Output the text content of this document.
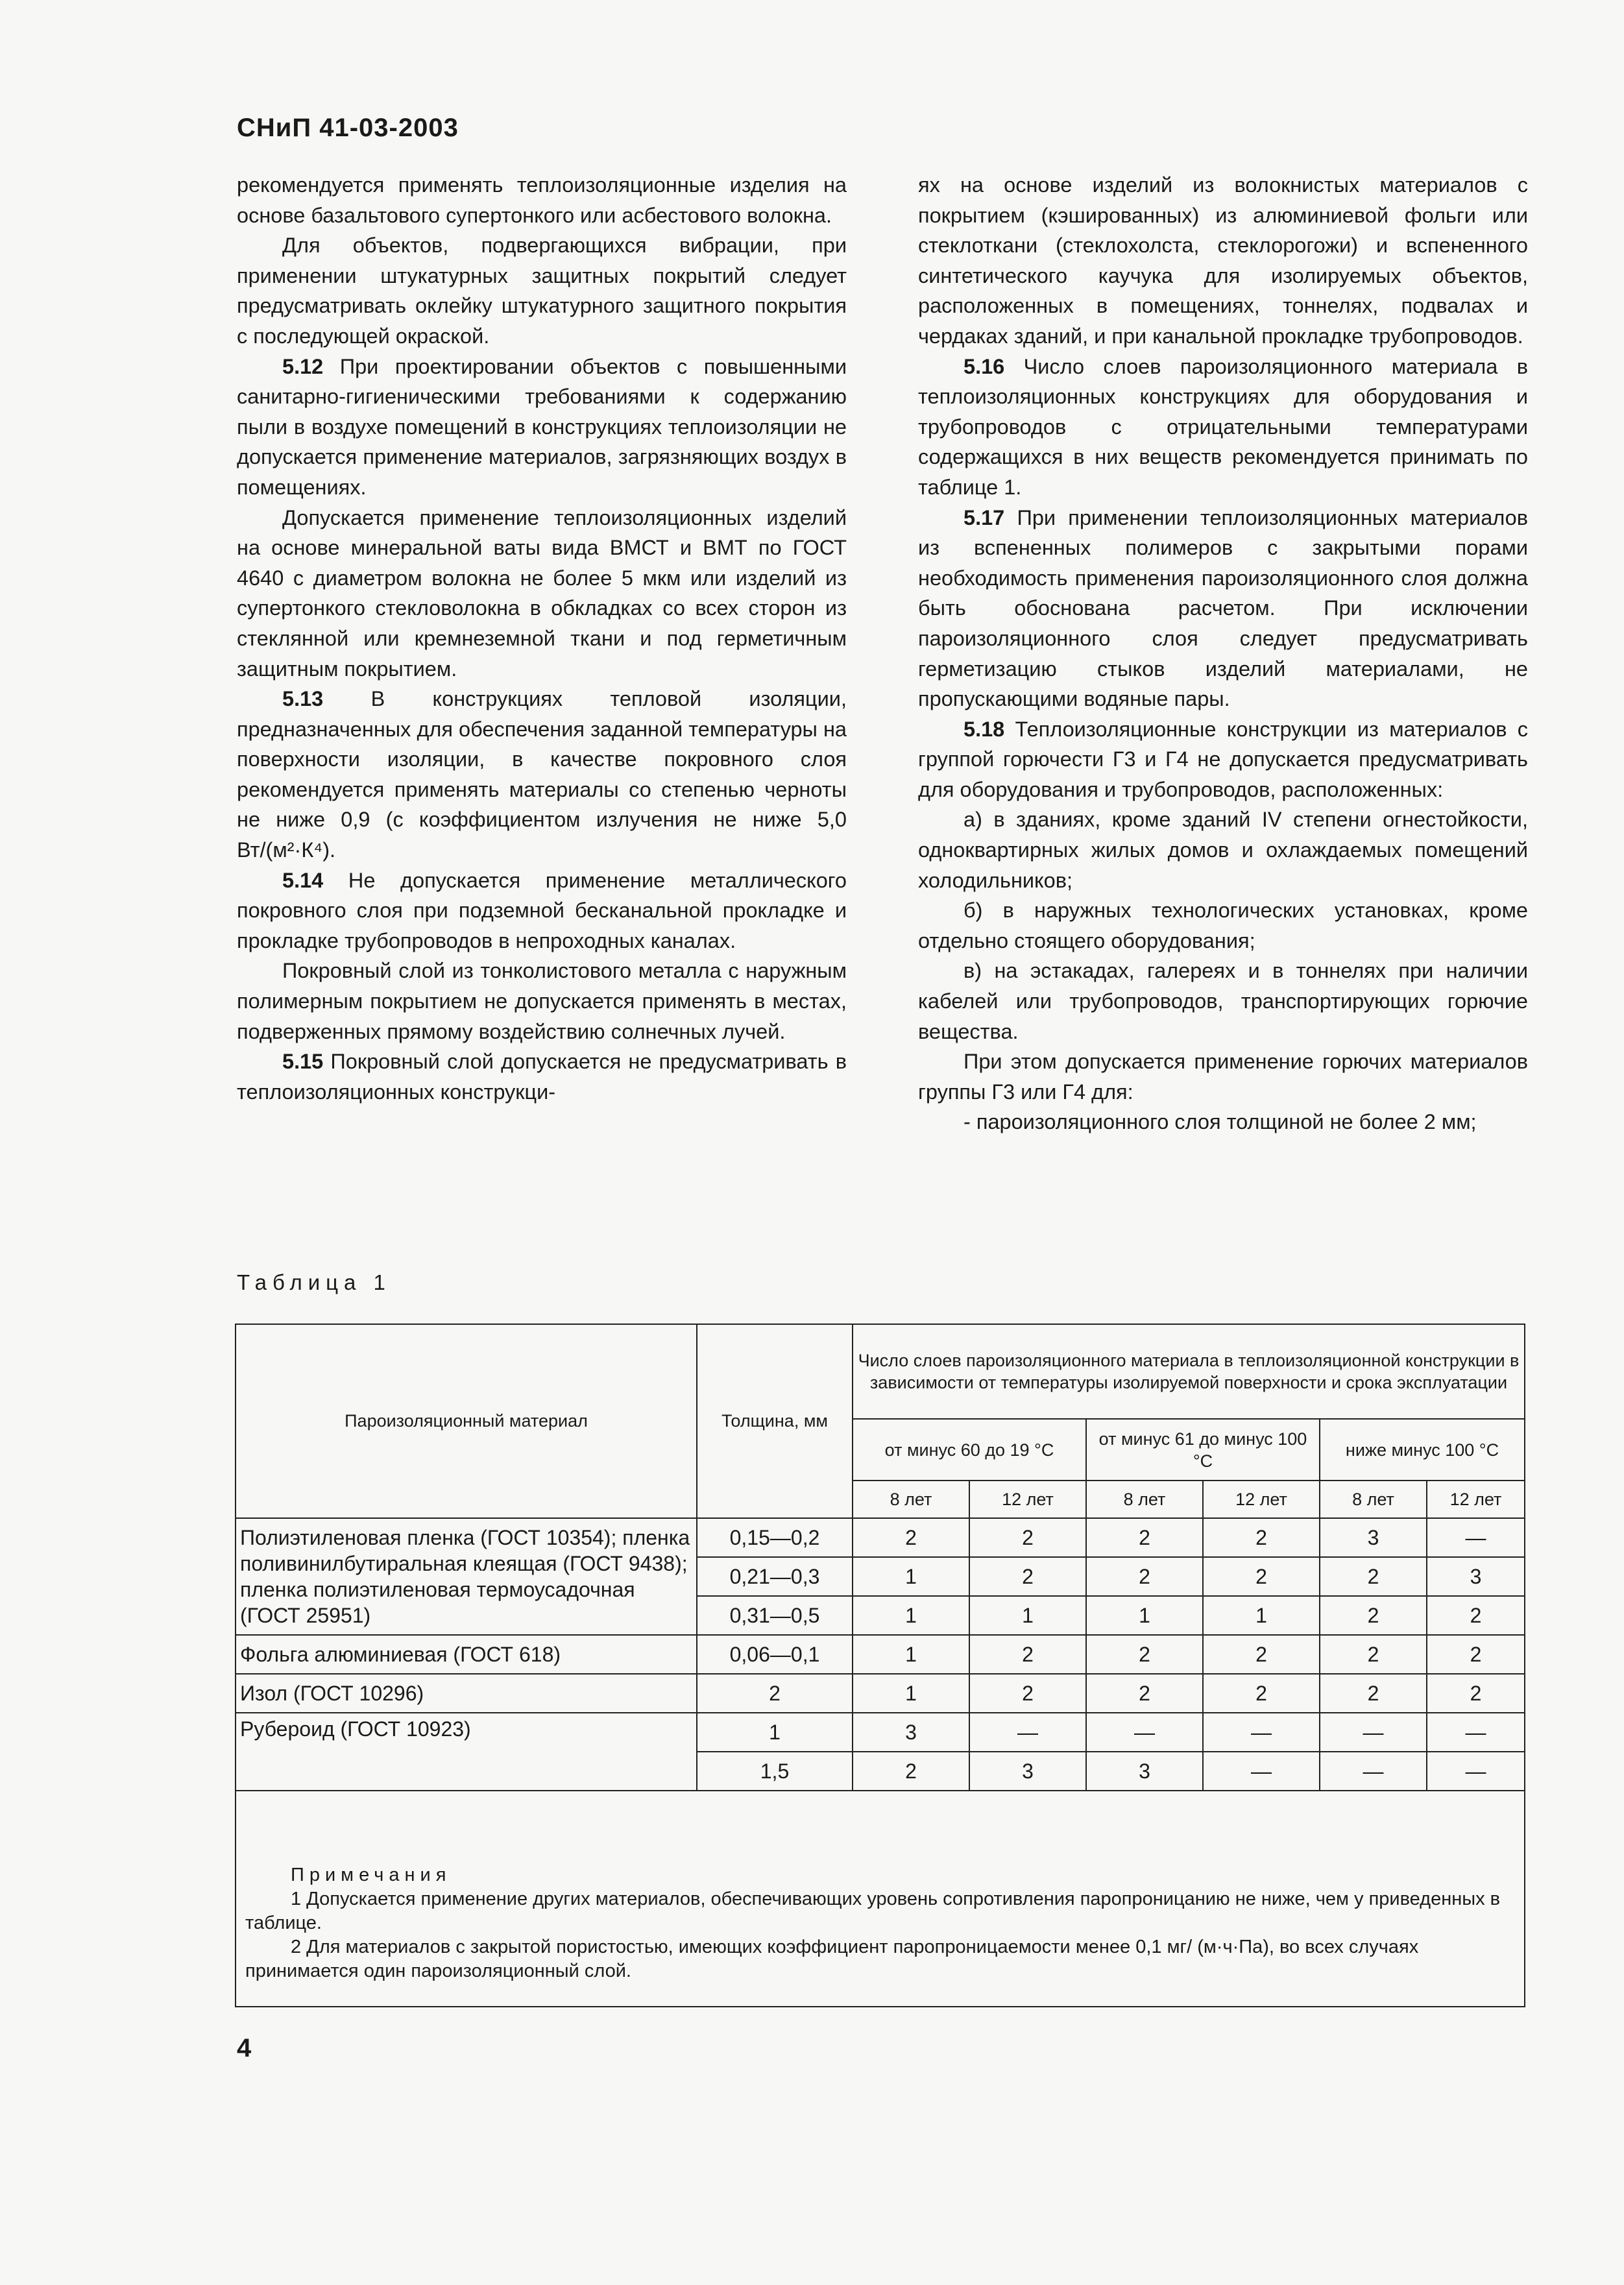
СНиП 41-03-2003

рекомендуется применять теплоизоляционные изделия на основе базальтового супертонкого или асбестового волокна.

Для объектов, подвергающихся вибрации, при применении штукатурных защитных покрытий следует предусматривать оклейку штукатурного защитного покрытия с последующей окраской.

5.12 При проектировании объектов с повышенными санитарно-гигиеническими требованиями к содержанию пыли в воздухе помещений в конструкциях теплоизоляции не допускается применение материалов, загрязняющих воздух в помещениях.

Допускается применение теплоизоляционных изделий на основе минеральной ваты вида ВМСТ и ВМТ по ГОСТ 4640 с диаметром волокна не более 5 мкм или изделий из супертонкого стекловолокна в обкладках со всех сторон из стеклянной или кремнеземной ткани и под герметичным защитным покрытием.

5.13 В конструкциях тепловой изоляции, предназначенных для обеспечения заданной температуры на поверхности изоляции, в качестве покровного слоя рекомендуется применять материалы со степенью черноты не ниже 0,9 (с коэффициентом излучения не ниже 5,0 Вт/(м²·К⁴).

5.14 Не допускается применение металлического покровного слоя при подземной бесканальной прокладке и прокладке трубопроводов в непроходных каналах.

Покровный слой из тонколистового металла с наружным полимерным покрытием не допускается применять в местах, подверженных прямому воздействию солнечных лучей.

5.15 Покровный слой допускается не предусматривать в теплоизоляционных конструкци-

ях на основе изделий из волокнистых материалов с покрытием (кэшированных) из алюминиевой фольги или стеклоткани (стеклохолста, стеклорогожи) и вспененного синтетического каучука для изолируемых объектов, расположенных в помещениях, тоннелях, подвалах и чердаках зданий, и при канальной прокладке трубопроводов.

5.16 Число слоев пароизоляционного материала в теплоизоляционных конструкциях для оборудования и трубопроводов с отрицательными температурами содержащихся в них веществ рекомендуется принимать по таблице 1.

5.17 При применении теплоизоляционных материалов из вспененных полимеров с закрытыми порами необходимость применения пароизоляционного слоя должна быть обоснована расчетом. При исключении пароизоляционного слоя следует предусматривать герметизацию стыков изделий материалами, не пропускающими водяные пары.

5.18 Теплоизоляционные конструкции из материалов с группой горючести Г3 и Г4 не допускается предусматривать для оборудования и трубопроводов, расположенных:

а) в зданиях, кроме зданий IV степени огнестойкости, одноквартирных жилых домов и охлаждаемых помещений холодильников;

б) в наружных технологических установках, кроме отдельно стоящего оборудования;

в) на эстакадах, галереях и в тоннелях при наличии кабелей или трубопроводов, транспортирующих горючие вещества.

При этом допускается применение горючих материалов группы Г3 или Г4 для:

- пароизоляционного слоя толщиной не более 2 мм;

Таблица 1
Пароизоляционный материал	Толщина, мм	Число слоев пароизоляционного материала в теплоизоляционной конструкции в зависимости от температуры изолируемой поверхности и срока эксплуатации					
		от минус 60 до 19 °С		от минус 61 до минус 100 °С		ниже минус 100 °С	
		8 лет	12 лет	8 лет	12 лет	8 лет	12 лет
Полиэтиленовая пленка (ГОСТ 10354); пленка поливинилбутиральная клеящая (ГОСТ 9438); пленка полиэтиленовая термоусадочная (ГОСТ 25951)	0,15—0,2	2	2	2	2	3	—
	0,21—0,3	1	2	2	2	2	3
	0,31—0,5	1	1	1	1	2	2
Фольга алюминиевая (ГОСТ 618)	0,06—0,1	1	2	2	2	2	2
Изол (ГОСТ 10296)	2	1	2	2	2	2	2
Рубероид (ГОСТ 10923)	1	3	—	—	—	—	—
	1,5	2	3	3	—	—	—

Примечания

1 Допускается применение других материалов, обеспечивающих уровень сопротивления паропроницанию не ниже, чем у приведенных в таблице.

2 Для материалов с закрытой пористостью, имеющих коэффициент паропроницаемости менее 0,1 мг/ (м·ч·Па), во всех случаях принимается один пароизоляционный слой.

4
